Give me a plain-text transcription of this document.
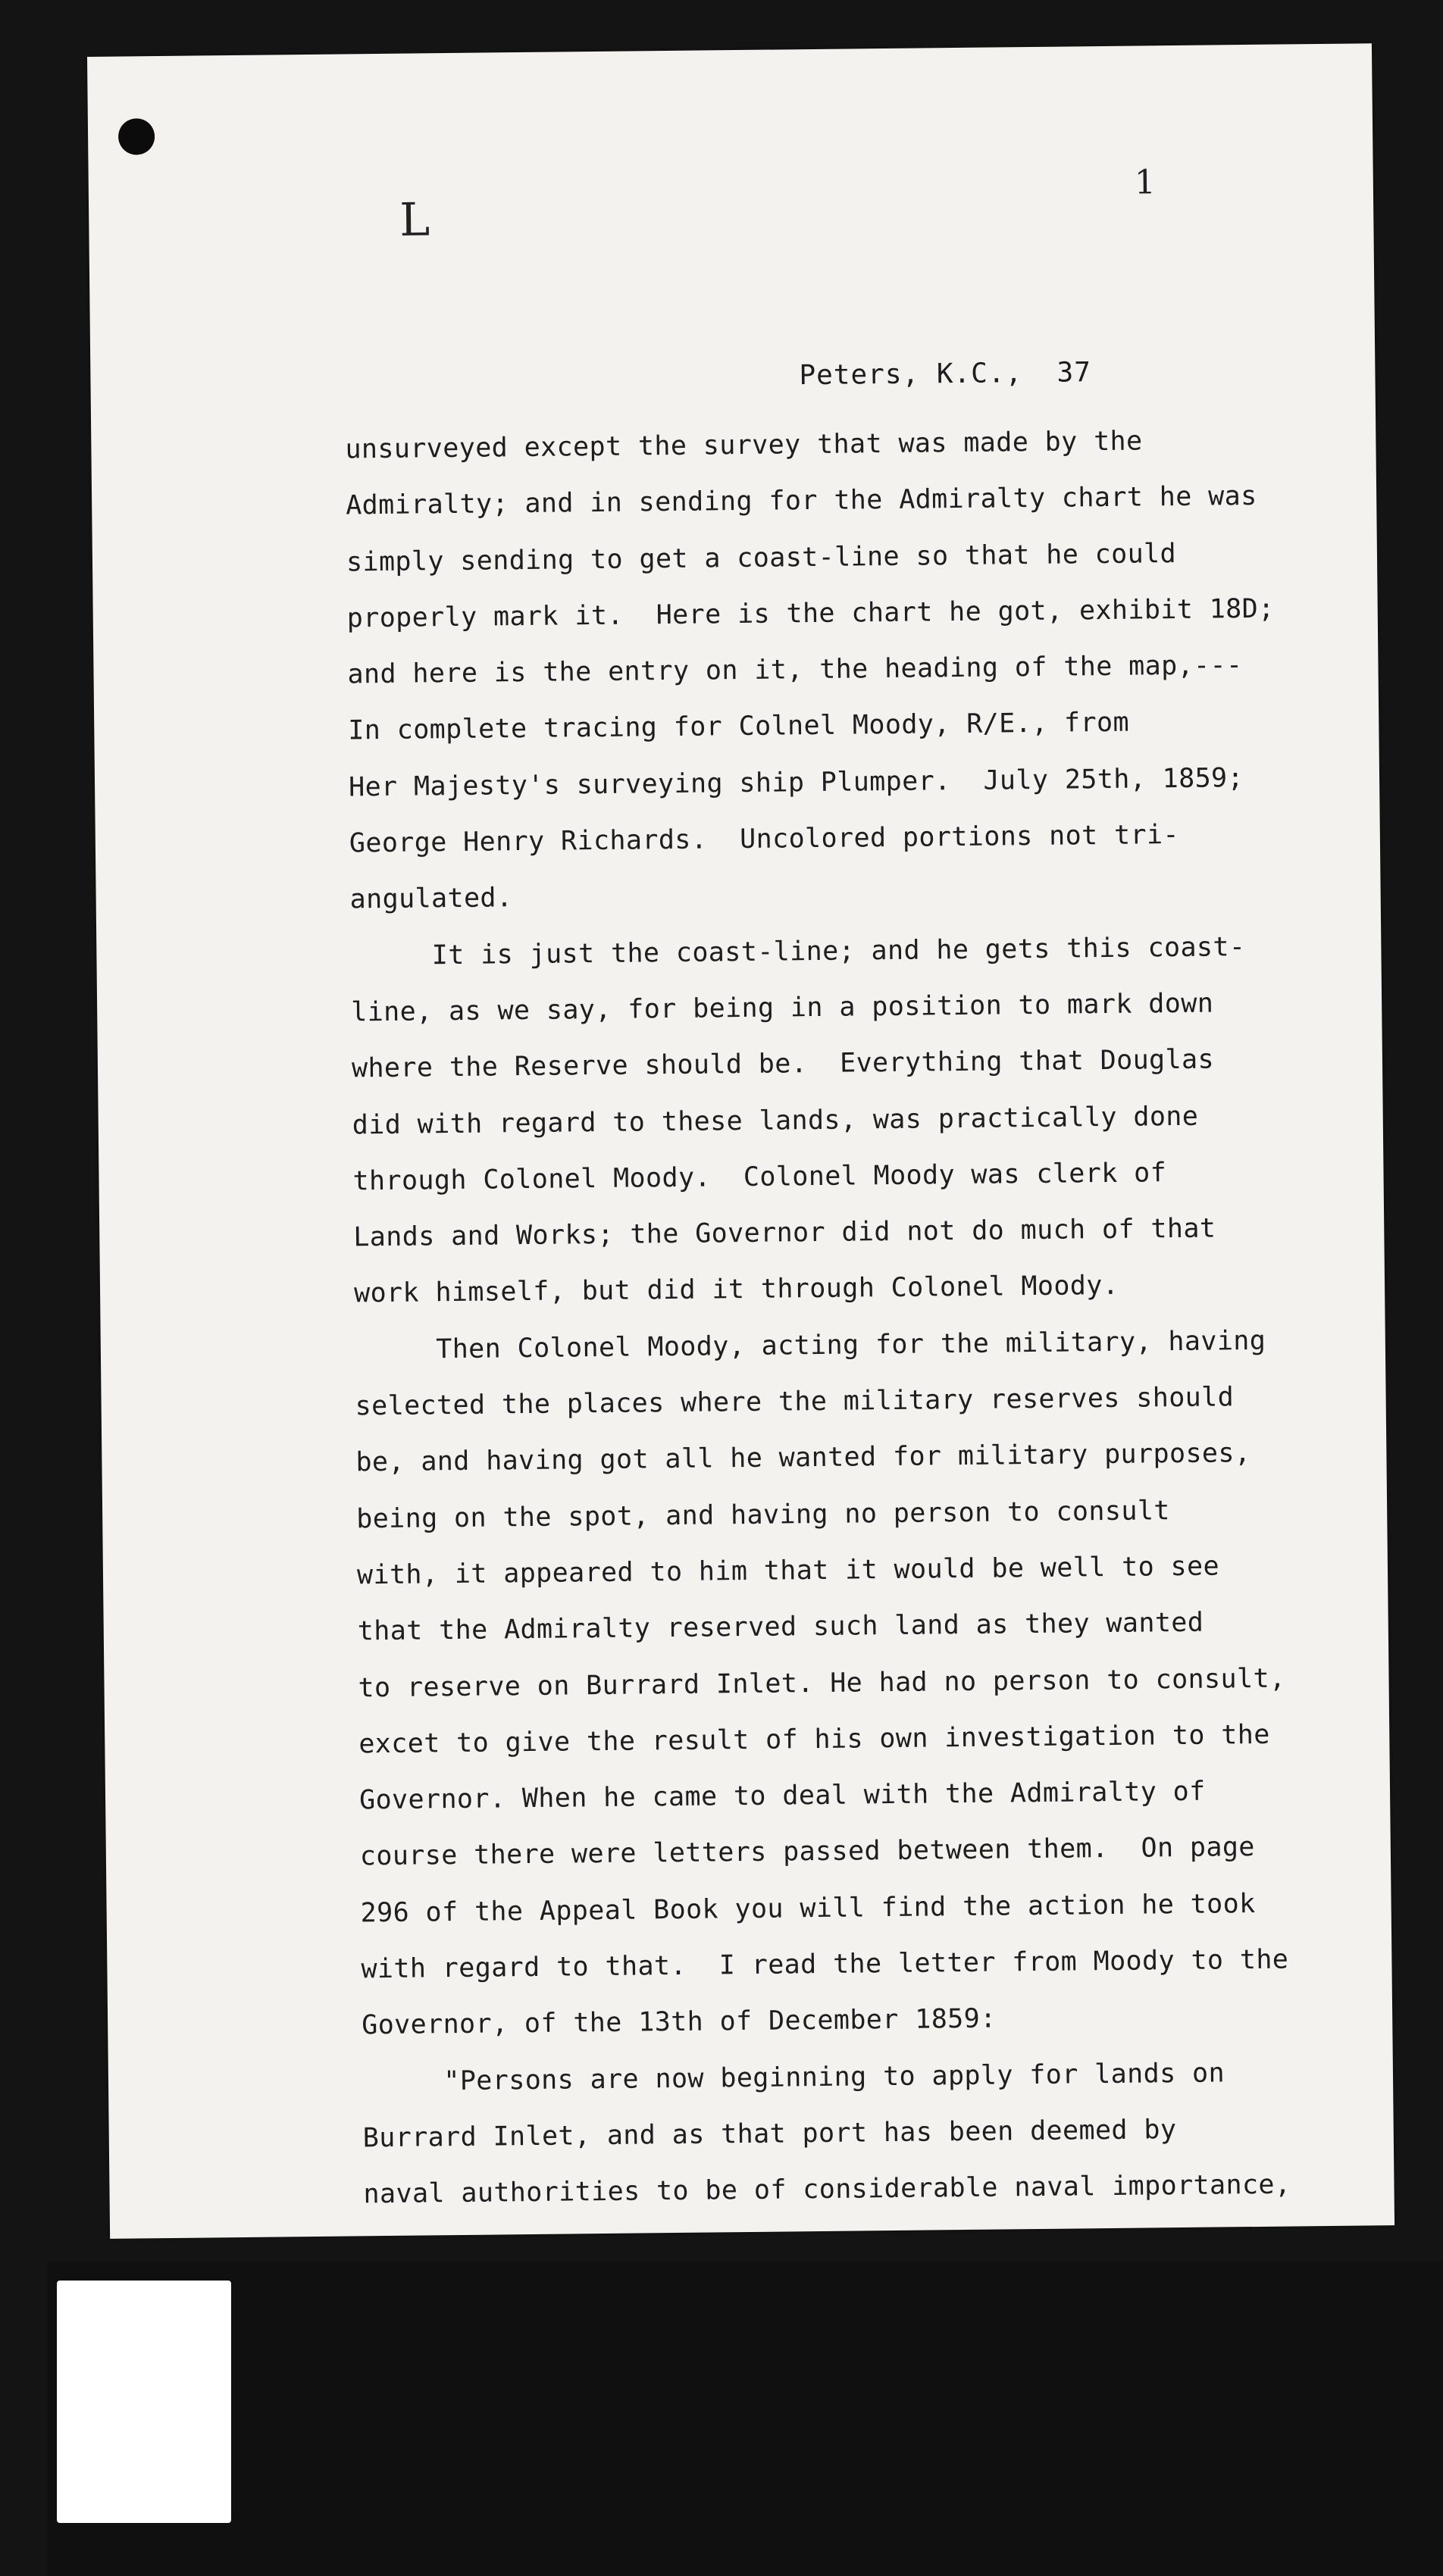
L
1
Peters, K.C.,  37
unsurveyed except the survey that was made by the
Admiralty; and in sending for the Admiralty chart he was
simply sending to get a coast-line so that he could
properly mark it.  Here is the chart he got, exhibit 18D;
and here is the entry on it, the heading of the map,---
In complete tracing for Colnel Moody, R/E., from
Her Majesty's surveying ship Plumper.  July 25th, 1859;
George Henry Richards.  Uncolored portions not tri-
angulated.
It is just the coast-line; and he gets this coast-
line, as we say, for being in a position to mark down
where the Reserve should be.  Everything that Douglas
did with regard to these lands, was practically done
through Colonel Moody.  Colonel Moody was clerk of
Lands and Works; the Governor did not do much of that
work himself, but did it through Colonel Moody.
Then Colonel Moody, acting for the military, having
selected the places where the military reserves should
be, and having got all he wanted for military purposes,
being on the spot, and having no person to consult
with, it appeared to him that it would be well to see
that the Admiralty reserved such land as they wanted
to reserve on Burrard Inlet. He had no person to consult,
excet to give the result of his own investigation to the
Governor. When he came to deal with the Admiralty of
course there were letters passed between them.  On page
296 of the Appeal Book you will find the action he took
with regard to that.  I read the letter from Moody to the
Governor, of the 13th of December 1859:
"Persons are now beginning to apply for lands on
Burrard Inlet, and as that port has been deemed by
naval authorities to be of considerable naval importance,
